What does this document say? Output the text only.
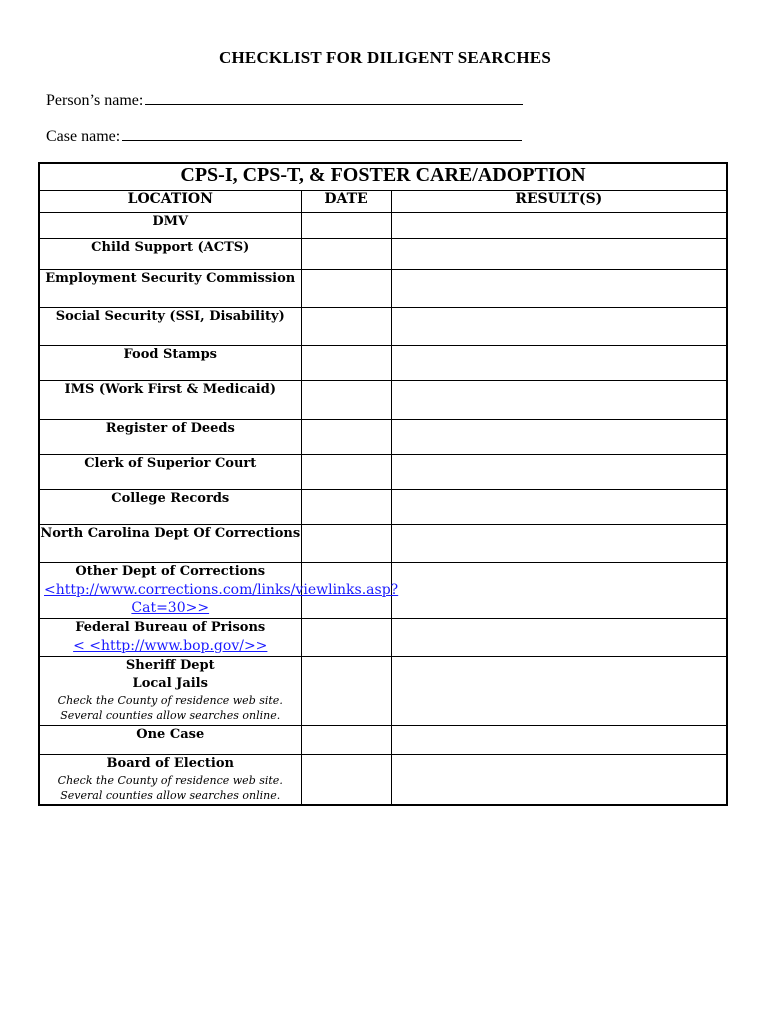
CHECKLIST FOR DILIGENT SEARCHES
Person’s name:
Case name:
CPS-I, CPS-T, & FOSTER CARE/ADOPTION		
LOCATION	DATE	RESULT(S)
DMV		
Child Support (ACTS)		
Employment Security Commission		
Social Security (SSI, Disability)		
Food Stamps		
IMS (Work First & Medicaid)		
Register of Deeds		
Clerk of Superior Court		
College Records		
North Carolina Dept Of Corrections		
Other Dept of Corrections
<http://www.corrections.com/links/viewlinks.asp?Cat=30>>		

Federal Bureau of Prisons
< <http://www.bop.gov/>>		

Sheriff Dept
Local Jails
Check the County of residence web site.
Several counties allow searches online.		

One Case		

Board of Election
Check the County of residence web site.
Several counties allow searches online.		
